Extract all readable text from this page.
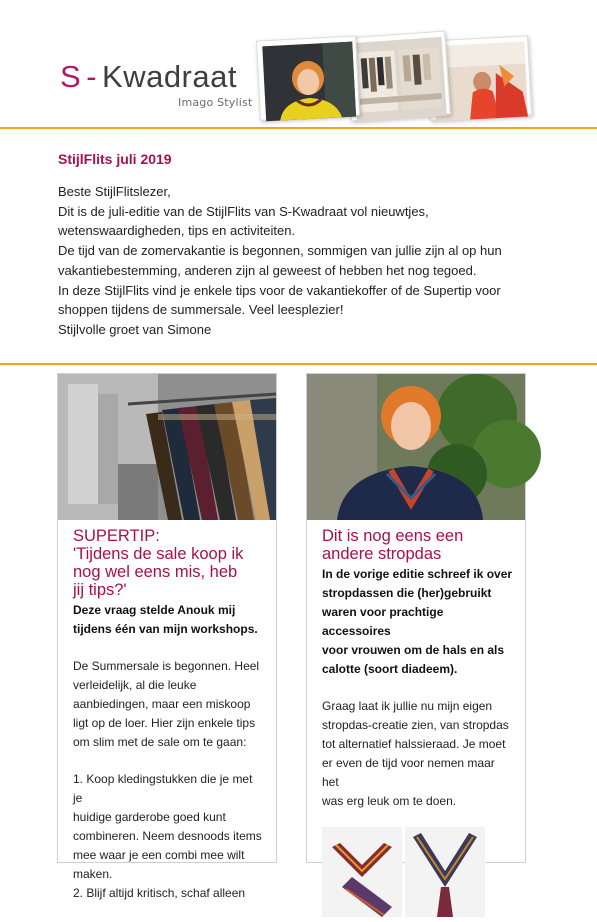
S - Kwadraat
Imago Stylist
StijlFlits juli 2019

Beste StijlFlitslezer,

Dit is de juli-editie van de StijlFlits van S-Kwadraat vol nieuwtjes,

wetenswaardigheden, tips en activiteiten.

De tijd van de zomervakantie is begonnen, sommigen van jullie zijn al op hun

vakantiebestemming, anderen zijn al geweest of hebben het nog tegoed.

In deze StijlFlits vind je enkele tips voor de vakantiekoffer of de Supertip voor

shoppen tijdens de summersale. Veel leesplezier!

Stijlvolle groet van Simone

SUPERTIP:
'Tijdens de sale koop ik
nog wel eens mis, heb
jij tips?'
Deze vraag stelde Anouk mij
tijdens één van mijn workshops.

De Summersale is begonnen. Heel

verleidelijk, al die leuke

aanbiedingen, maar een miskoop

ligt op de loer. Hier zijn enkele tips

om slim met de sale om te gaan:

1. Koop kledingstukken die je met je

huidige garderobe goed kunt

combineren. Neem desnoods items

mee waar je een combi mee wilt

maken.

2. Blijf altijd kritisch, schaf alleen

Dit is nog eens een
andere stropdas
In de vorige editie schreef ik over
stropdassen die (her)gebruikt
waren voor prachtige accessoires
voor vrouwen om de hals en als
calotte (soort diadeem).

Graag laat ik jullie nu mijn eigen

stropdas-creatie zien, van stropdas

tot alternatief halssieraad. Je moet

er even de tijd voor nemen maar het

was erg leuk om te doen.
